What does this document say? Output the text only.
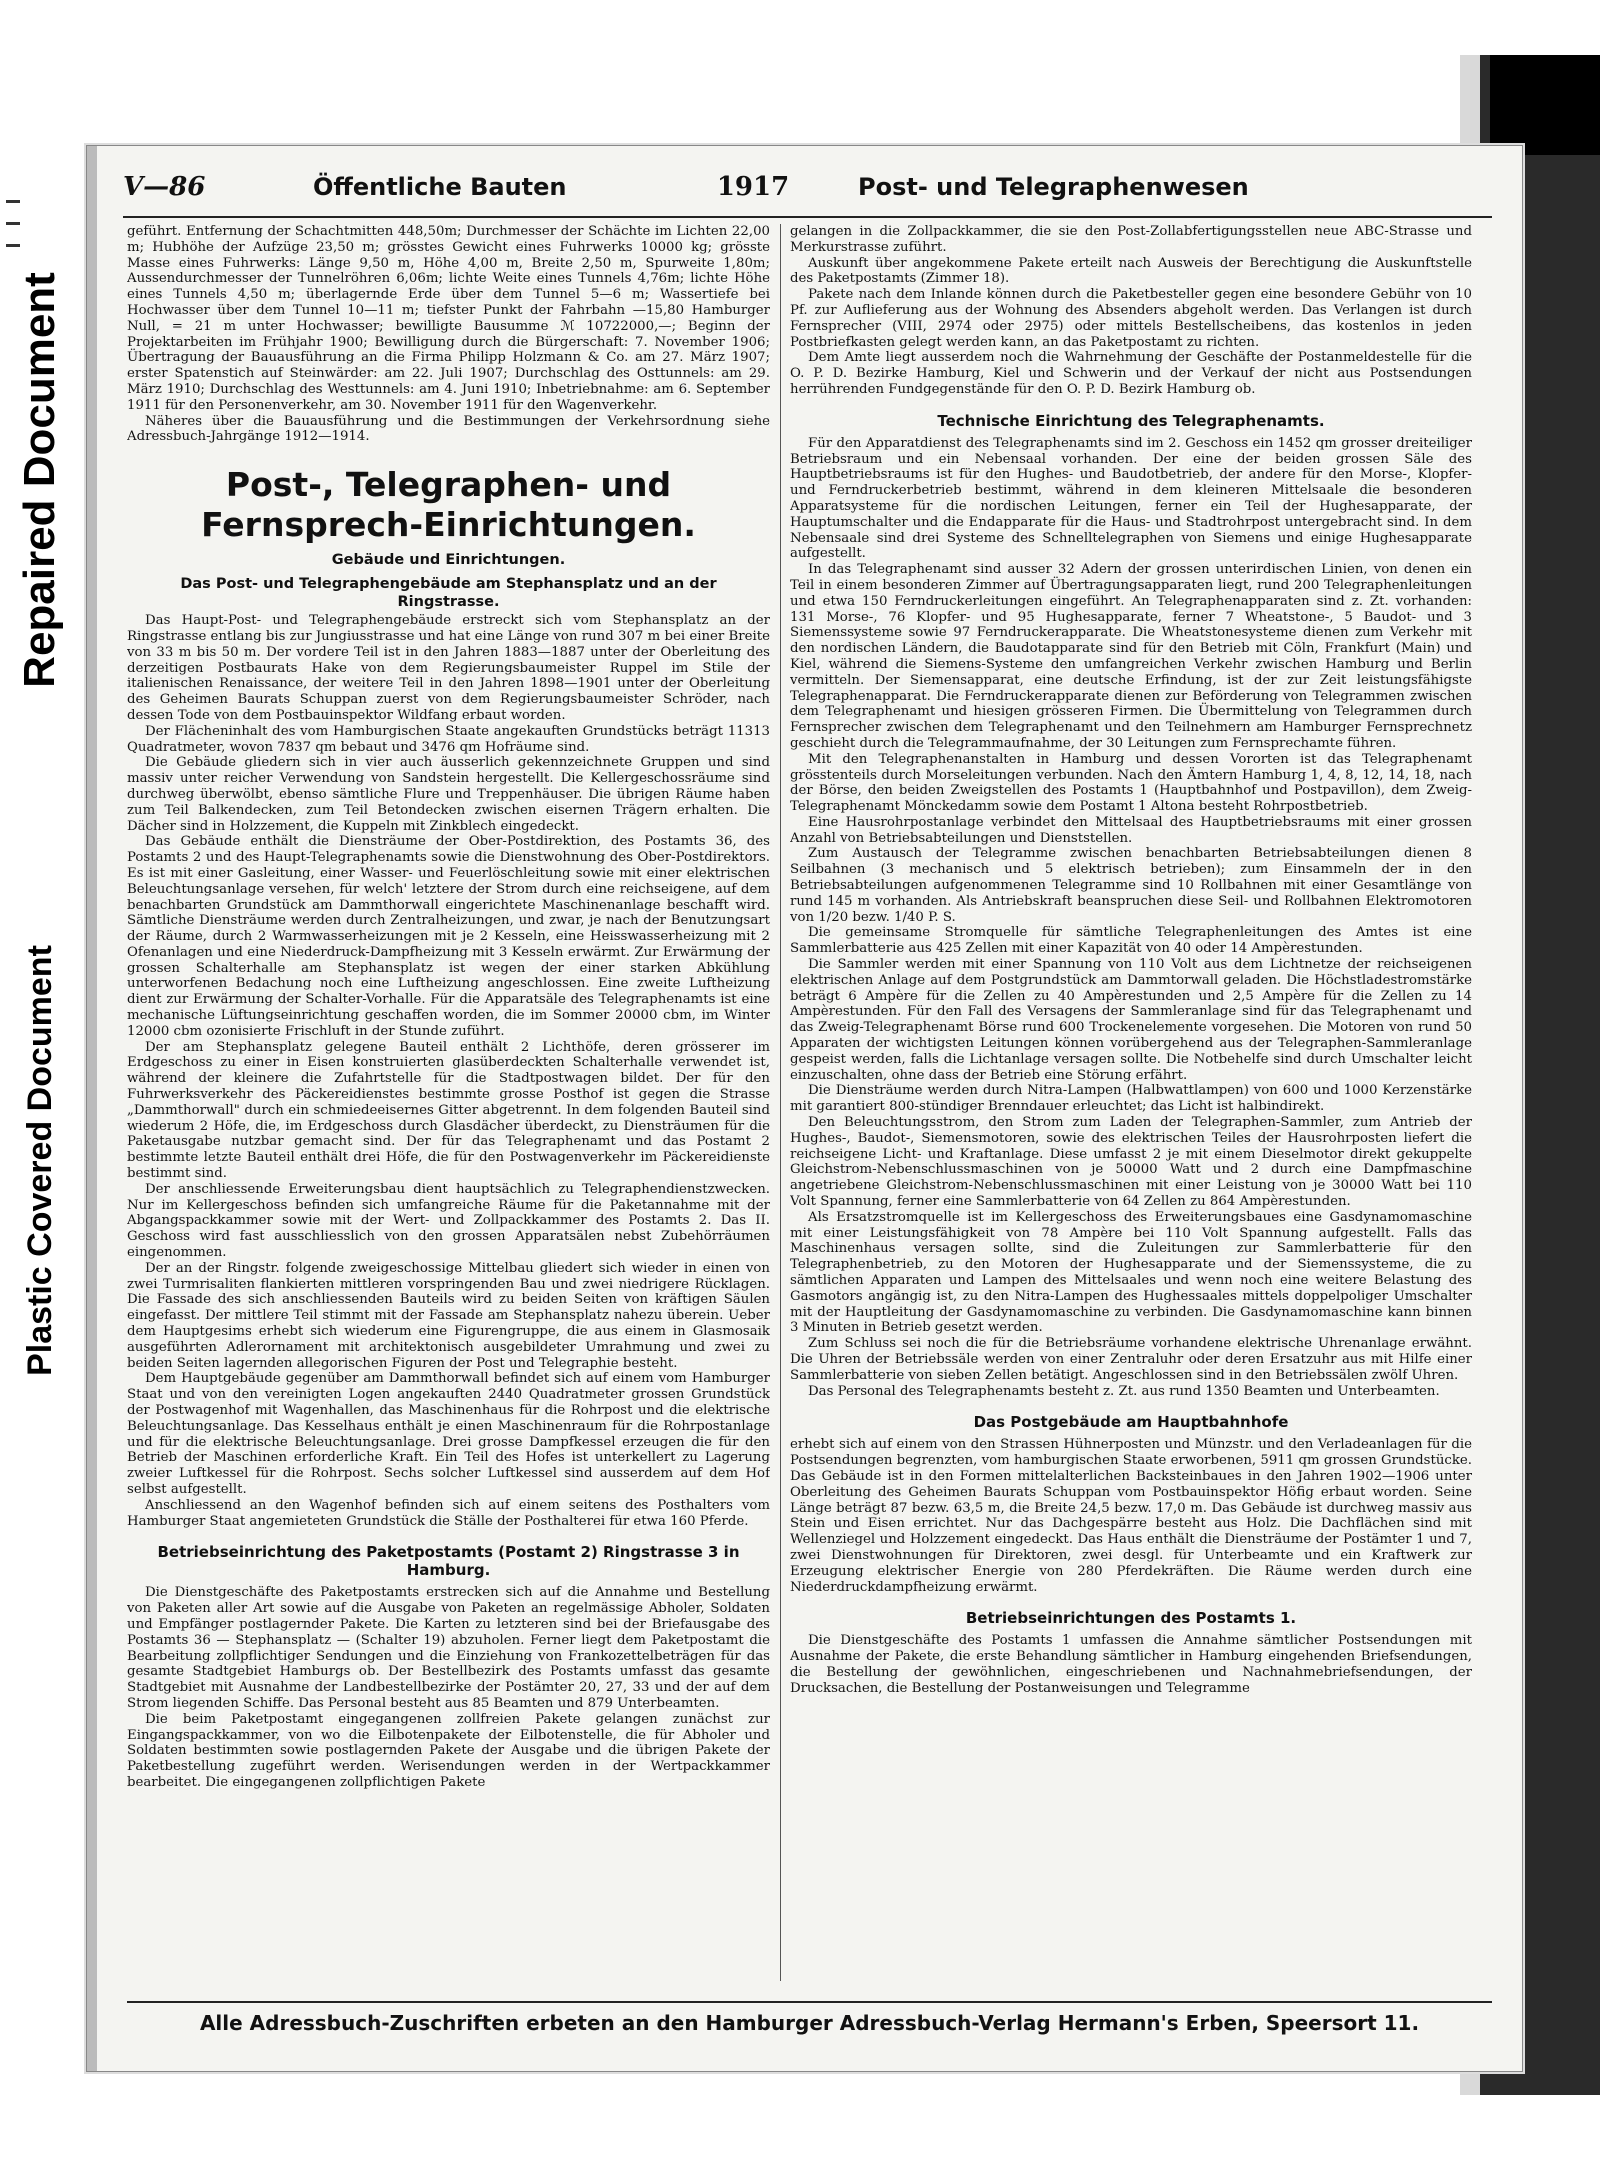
Repaired Document
Plastic Covered Document
V—86	Öffentliche Bauten	1917	Post- und Telegraphenwesen

geführt. Entfernung der Schachtmitten 448,50m; Durchmesser der Schächte im Lichten 22,00 m; Hubhöhe der Aufzüge 23,50 m; grösstes Gewicht eines Fuhrwerks 10000 kg; grösste Masse eines Fuhrwerks: Länge 9,50 m, Höhe 4,00 m, Breite 2,50 m, Spurweite 1,80m; Aussendurchmesser der Tunnelröhren 6,06m; lichte Weite eines Tunnels 4,76m; lichte Höhe eines Tunnels 4,50 m; überlagernde Erde über dem Tunnel 5—6 m; Wassertiefe bei Hochwasser über dem Tunnel 10—11 m; tiefster Punkt der Fahrbahn —15,80 Hamburger Null, = 21 m unter Hochwasser; bewilligte Bausumme ℳ 10722000,—; Beginn der Projektarbeiten im Frühjahr 1900; Bewilligung durch die Bürgerschaft: 7. November 1906; Übertragung der Bauausführung an die Firma Philipp Holzmann & Co. am 27. März 1907; erster Spatenstich auf Steinwärder: am 22. Juli 1907; Durchschlag des Osttunnels: am 29. März 1910; Durchschlag des Westtunnels: am 4. Juni 1910; Inbetriebnahme: am 6. September 1911 für den Personenverkehr, am 30. November 1911 für den Wagenverkehr.

Näheres über die Bauausführung und die Bestimmungen der Verkehrsordnung siehe Adressbuch-Jahrgänge 1912—1914.

Post-, Telegraphen- und Fernsprech-Einrichtungen.
Gebäude und Einrichtungen.
Das Post- und Telegraphengebäude am Stephansplatz und an der Ringstrasse.

Das Haupt-Post- und Telegraphengebäude erstreckt sich vom Stephansplatz an der Ringstrasse entlang bis zur Jungiusstrasse und hat eine Länge von rund 307 m bei einer Breite von 33 m bis 50 m. Der vordere Teil ist in den Jahren 1883—1887 unter der Oberleitung des derzeitigen Postbaurats Hake von dem Regierungsbaumeister Ruppel im Stile der italienischen Renaissance, der weitere Teil in den Jahren 1898—1901 unter der Oberleitung des Geheimen Baurats Schuppan zuerst von dem Regierungsbaumeister Schröder, nach dessen Tode von dem Postbauinspektor Wildfang erbaut worden.

Der Flächeninhalt des vom Hamburgischen Staate angekauften Grundstücks beträgt 11313 Quadratmeter, wovon 7837 qm bebaut und 3476 qm Hofräume sind.

Die Gebäude gliedern sich in vier auch äusserlich gekennzeichnete Gruppen und sind massiv unter reicher Verwendung von Sandstein hergestellt. Die Kellergeschossräume sind durchweg überwölbt, ebenso sämtliche Flure und Treppenhäuser. Die übrigen Räume haben zum Teil Balkendecken, zum Teil Betondecken zwischen eisernen Trägern erhalten. Die Dächer sind in Holzzement, die Kuppeln mit Zinkblech eingedeckt.

Das Gebäude enthält die Diensträume der Ober-Postdirektion, des Postamts 36, des Postamts 2 und des Haupt-Telegraphenamts sowie die Dienstwohnung des Ober-Postdirektors. Es ist mit einer Gasleitung, einer Wasser- und Feuerlöschleitung sowie mit einer elektrischen Beleuchtungsanlage versehen, für welch' letztere der Strom durch eine reichseigene, auf dem benachbarten Grundstück am Dammthorwall eingerichtete Maschinenanlage beschafft wird. Sämtliche Diensträume werden durch Zentralheizungen, und zwar, je nach der Benutzungsart der Räume, durch 2 Warmwasserheizungen mit je 2 Kesseln, eine Heisswasserheizung mit 2 Ofenanlagen und eine Niederdruck-Dampfheizung mit 3 Kesseln erwärmt. Zur Erwärmung der grossen Schalterhalle am Stephansplatz ist wegen der einer starken Abkühlung unterworfenen Bedachung noch eine Luftheizung angeschlossen. Eine zweite Luftheizung dient zur Erwärmung der Schalter-Vorhalle. Für die Apparatsäle des Telegraphenamts ist eine mechanische Lüftungseinrichtung geschaffen worden, die im Sommer 20000 cbm, im Winter 12000 cbm ozonisierte Frischluft in der Stunde zuführt.

Der am Stephansplatz gelegene Bauteil enthält 2 Lichthöfe, deren grösserer im Erdgeschoss zu einer in Eisen konstruierten glasüberdeckten Schalterhalle verwendet ist, während der kleinere die Zufahrtstelle für die Stadtpostwagen bildet. Der für den Fuhrwerksverkehr des Päckereidienstes bestimmte grosse Posthof ist gegen die Strasse „Dammthorwall" durch ein schmiedeeisernes Gitter abgetrennt. In dem folgenden Bauteil sind wiederum 2 Höfe, die, im Erdgeschoss durch Glasdächer überdeckt, zu Diensträumen für die Paketausgabe nutzbar gemacht sind. Der für das Telegraphenamt und das Postamt 2 bestimmte letzte Bauteil enthält drei Höfe, die für den Postwagenverkehr im Päckereidienste bestimmt sind.

Der anschliessende Erweiterungsbau dient hauptsächlich zu Telegraphendienstzwecken. Nur im Kellergeschoss befinden sich umfangreiche Räume für die Paketannahme mit der Abgangspackkammer sowie mit der Wert- und Zollpackkammer des Postamts 2. Das II. Geschoss wird fast ausschliesslich von den grossen Apparatsälen nebst Zubehörräumen eingenommen.

Der an der Ringstr. folgende zweigeschossige Mittelbau gliedert sich wieder in einen von zwei Turmrisaliten flankierten mittleren vorspringenden Bau und zwei niedrigere Rücklagen. Die Fassade des sich anschliessenden Bauteils wird zu beiden Seiten von kräftigen Säulen eingefasst. Der mittlere Teil stimmt mit der Fassade am Stephansplatz nahezu überein. Ueber dem Hauptgesims erhebt sich wiederum eine Figurengruppe, die aus einem in Glasmosaik ausgeführten Adlerornament mit architektonisch ausgebildeter Umrahmung und zwei zu beiden Seiten lagernden allegorischen Figuren der Post und Telegraphie besteht.

Dem Hauptgebäude gegenüber am Dammthorwall befindet sich auf einem vom Hamburger Staat und von den vereinigten Logen angekauften 2440 Quadratmeter grossen Grundstück der Postwagenhof mit Wagenhallen, das Maschinenhaus für die Rohrpost und die elektrische Beleuchtungsanlage. Das Kesselhaus enthält je einen Maschinenraum für die Rohrpostanlage und für die elektrische Beleuchtungsanlage. Drei grosse Dampfkessel erzeugen die für den Betrieb der Maschinen erforderliche Kraft. Ein Teil des Hofes ist unterkellert zu Lagerung zweier Luftkessel für die Rohrpost. Sechs solcher Luftkessel sind ausserdem auf dem Hof selbst aufgestellt.

Anschliessend an den Wagenhof befinden sich auf einem seitens des Posthalters vom Hamburger Staat angemieteten Grundstück die Ställe der Posthalterei für etwa 160 Pferde.

Betriebseinrichtung des Paketpostamts (Postamt 2) Ringstrasse 3 in Hamburg.

Die Dienstgeschäfte des Paketpostamts erstrecken sich auf die Annahme und Bestellung von Paketen aller Art sowie auf die Ausgabe von Paketen an regelmässige Abholer, Soldaten und Empfänger postlagernder Pakete. Die Karten zu letzteren sind bei der Briefausgabe des Postamts 36 — Stephansplatz — (Schalter 19) abzuholen. Ferner liegt dem Paketpostamt die Bearbeitung zollpflichtiger Sendungen und die Einziehung von Frankozettelbeträgen für das gesamte Stadtgebiet Hamburgs ob. Der Bestellbezirk des Postamts umfasst das gesamte Stadtgebiet mit Ausnahme der Landbestellbezirke der Postämter 20, 27, 33 und der auf dem Strom liegenden Schiffe. Das Personal besteht aus 85 Beamten und 879 Unterbeamten.

Die beim Paketpostamt eingegangenen zollfreien Pakete gelangen zunächst zur Eingangspackkammer, von wo die Eilbotenpakete der Eilbotenstelle, die für Abholer und Soldaten bestimmten sowie postlagernden Pakete der Ausgabe und die übrigen Pakete der Paketbestellung zugeführt werden. Werisendungen werden in der Wertpackkammer bearbeitet. Die eingegangenen zollpflichtigen Pakete

gelangen in die Zollpackkammer, die sie den Post-Zollabfertigungsstellen neue ABC-Strasse und Merkurstrasse zuführt.

Auskunft über angekommene Pakete erteilt nach Ausweis der Berechtigung die Auskunftstelle des Paketpostamts (Zimmer 18).

Pakete nach dem Inlande können durch die Paketbesteller gegen eine besondere Gebühr von 10 Pf. zur Auflieferung aus der Wohnung des Absenders abgeholt werden. Das Verlangen ist durch Fernsprecher (VIII, 2974 oder 2975) oder mittels Bestellscheibens, das kostenlos in jeden Postbriefkasten gelegt werden kann, an das Paketpostamt zu richten.

Dem Amte liegt ausserdem noch die Wahrnehmung der Geschäfte der Postanmeldestelle für die O. P. D. Bezirke Hamburg, Kiel und Schwerin und der Verkauf der nicht aus Postsendungen herrührenden Fundgegenstände für den O. P. D. Bezirk Hamburg ob.

Technische Einrichtung des Telegraphenamts.

Für den Apparatdienst des Telegraphenamts sind im 2. Geschoss ein 1452 qm grosser dreiteiliger Betriebsraum und ein Nebensaal vorhanden. Der eine der beiden grossen Säle des Hauptbetriebsraums ist für den Hughes- und Baudotbetrieb, der andere für den Morse-, Klopfer- und Ferndruckerbetrieb bestimmt, während in dem kleineren Mittelsaale die besonderen Apparatsysteme für die nordischen Leitungen, ferner ein Teil der Hughesapparate, der Hauptumschalter und die Endapparate für die Haus- und Stadtrohrpost untergebracht sind. In dem Nebensaale sind drei Systeme des Schnelltelegraphen von Siemens und einige Hughesapparate aufgestellt.

In das Telegraphenamt sind ausser 32 Adern der grossen unterirdischen Linien, von denen ein Teil in einem besonderen Zimmer auf Übertragungsapparaten liegt, rund 200 Telegraphenleitungen und etwa 150 Ferndruckerleitungen eingeführt. An Telegraphenapparaten sind z. Zt. vorhanden: 131 Morse-, 76 Klopfer- und 95 Hughesapparate, ferner 7 Wheatstone-, 5 Baudot- und 3 Siemenssysteme sowie 97 Ferndruckerapparate. Die Wheatstonesysteme dienen zum Verkehr mit den nordischen Ländern, die Baudotapparate sind für den Betrieb mit Cöln, Frankfurt (Main) und Kiel, während die Siemens-Systeme den umfangreichen Verkehr zwischen Hamburg und Berlin vermitteln. Der Siemensapparat, eine deutsche Erfindung, ist der zur Zeit leistungsfähigste Telegraphenapparat. Die Ferndruckerapparate dienen zur Beförderung von Telegrammen zwischen dem Telegraphenamt und hiesigen grösseren Firmen. Die Übermittelung von Telegrammen durch Fernsprecher zwischen dem Telegraphenamt und den Teilnehmern am Hamburger Fernsprechnetz geschieht durch die Telegrammaufnahme, der 30 Leitungen zum Fernsprechamte führen.

Mit den Telegraphenanstalten in Hamburg und dessen Vororten ist das Telegraphenamt grösstenteils durch Morseleitungen verbunden. Nach den Ämtern Hamburg 1, 4, 8, 12, 14, 18, nach der Börse, den beiden Zweigstellen des Postamts 1 (Hauptbahnhof und Postpavillon), dem Zweig-Telegraphenamt Mönckedamm sowie dem Postamt 1 Altona besteht Rohrpostbetrieb.

Eine Hausrohrpostanlage verbindet den Mittelsaal des Hauptbetriebsraums mit einer grossen Anzahl von Betriebsabteilungen und Dienststellen.

Zum Austausch der Telegramme zwischen benachbarten Betriebsabteilungen dienen 8 Seilbahnen (3 mechanisch und 5 elektrisch betrieben); zum Einsammeln der in den Betriebsabteilungen aufgenommenen Telegramme sind 10 Rollbahnen mit einer Gesamtlänge von rund 145 m vorhanden. Als Antriebskraft beanspruchen diese Seil- und Rollbahnen Elektromotoren von 1/20 bezw. 1/40 P. S.

Die gemeinsame Stromquelle für sämtliche Telegraphenleitungen des Amtes ist eine Sammlerbatterie aus 425 Zellen mit einer Kapazität von 40 oder 14 Ampèrestunden.

Die Sammler werden mit einer Spannung von 110 Volt aus dem Lichtnetze der reichseigenen elektrischen Anlage auf dem Postgrundstück am Dammtorwall geladen. Die Höchstladestromstärke beträgt 6 Ampère für die Zellen zu 40 Ampèrestunden und 2,5 Ampère für die Zellen zu 14 Ampèrestunden. Für den Fall des Versagens der Sammleranlage sind für das Telegraphenamt und das Zweig-Telegraphenamt Börse rund 600 Trockenelemente vorgesehen. Die Motoren von rund 50 Apparaten der wichtigsten Leitungen können vorübergehend aus der Telegraphen-Sammleranlage gespeist werden, falls die Lichtanlage versagen sollte. Die Notbehelfe sind durch Umschalter leicht einzuschalten, ohne dass der Betrieb eine Störung erfährt.

Die Diensträume werden durch Nitra-Lampen (Halbwattlampen) von 600 und 1000 Kerzenstärke mit garantiert 800-stündiger Brenndauer erleuchtet; das Licht ist halbindirekt.

Den Beleuchtungsstrom, den Strom zum Laden der Telegraphen-Sammler, zum Antrieb der Hughes-, Baudot-, Siemensmotoren, sowie des elektrischen Teiles der Hausrohrposten liefert die reichseigene Licht- und Kraftanlage. Diese umfasst 2 je mit einem Dieselmotor direkt gekuppelte Gleichstrom-Nebenschlussmaschinen von je 50000 Watt und 2 durch eine Dampfmaschine angetriebene Gleichstrom-Nebenschlussmaschinen mit einer Leistung von je 30000 Watt bei 110 Volt Spannung, ferner eine Sammlerbatterie von 64 Zellen zu 864 Ampèrestunden.

Als Ersatzstromquelle ist im Kellergeschoss des Erweiterungsbaues eine Gasdynamomaschine mit einer Leistungsfähigkeit von 78 Ampère bei 110 Volt Spannung aufgestellt. Falls das Maschinenhaus versagen sollte, sind die Zuleitungen zur Sammlerbatterie für den Telegraphenbetrieb, zu den Motoren der Hughesapparate und der Siemenssysteme, die zu sämtlichen Apparaten und Lampen des Mittelsaales und wenn noch eine weitere Belastung des Gasmotors angängig ist, zu den Nitra-Lampen des Hughessaales mittels doppelpoliger Umschalter mit der Hauptleitung der Gasdynamomaschine zu verbinden. Die Gasdynamomaschine kann binnen 3 Minuten in Betrieb gesetzt werden.

Zum Schluss sei noch die für die Betriebsräume vorhandene elektrische Uhrenanlage erwähnt. Die Uhren der Betriebssäle werden von einer Zentraluhr oder deren Ersatzuhr aus mit Hilfe einer Sammlerbatterie von sieben Zellen betätigt. Angeschlossen sind in den Betriebssälen zwölf Uhren.

Das Personal des Telegraphenamts besteht z. Zt. aus rund 1350 Beamten und Unterbeamten.

Das Postgebäude am Hauptbahnhofe

erhebt sich auf einem von den Strassen Hühnerposten und Münzstr. und den Verladeanlagen für die Postsendungen begrenzten, vom hamburgischen Staate erworbenen, 5911 qm grossen Grundstücke. Das Gebäude ist in den Formen mittelalterlichen Backsteinbaues in den Jahren 1902—1906 unter Oberleitung des Geheimen Baurats Schuppan vom Postbauinspektor Höfig erbaut worden. Seine Länge beträgt 87 bezw. 63,5 m, die Breite 24,5 bezw. 17,0 m. Das Gebäude ist durchweg massiv aus Stein und Eisen errichtet. Nur das Dachgespärre besteht aus Holz. Die Dachflächen sind mit Wellenziegel und Holzzement eingedeckt. Das Haus enthält die Diensträume der Postämter 1 und 7, zwei Dienstwohnungen für Direktoren, zwei desgl. für Unterbeamte und ein Kraftwerk zur Erzeugung elektrischer Energie von 280 Pferdekräften. Die Räume werden durch eine Niederdruckdampfheizung erwärmt.

Betriebseinrichtungen des Postamts 1.

Die Dienstgeschäfte des Postamts 1 umfassen die Annahme sämtlicher Postsendungen mit Ausnahme der Pakete, die erste Behandlung sämtlicher in Hamburg eingehenden Briefsendungen, die Bestellung der gewöhnlichen, eingeschriebenen und Nachnahmebriefsendungen, der Drucksachen, die Bestellung der Postanweisungen und Telegramme

Alle Adressbuch-Zuschriften erbeten an den Hamburger Adressbuch-Verlag Hermann's Erben, Speersort 11.
